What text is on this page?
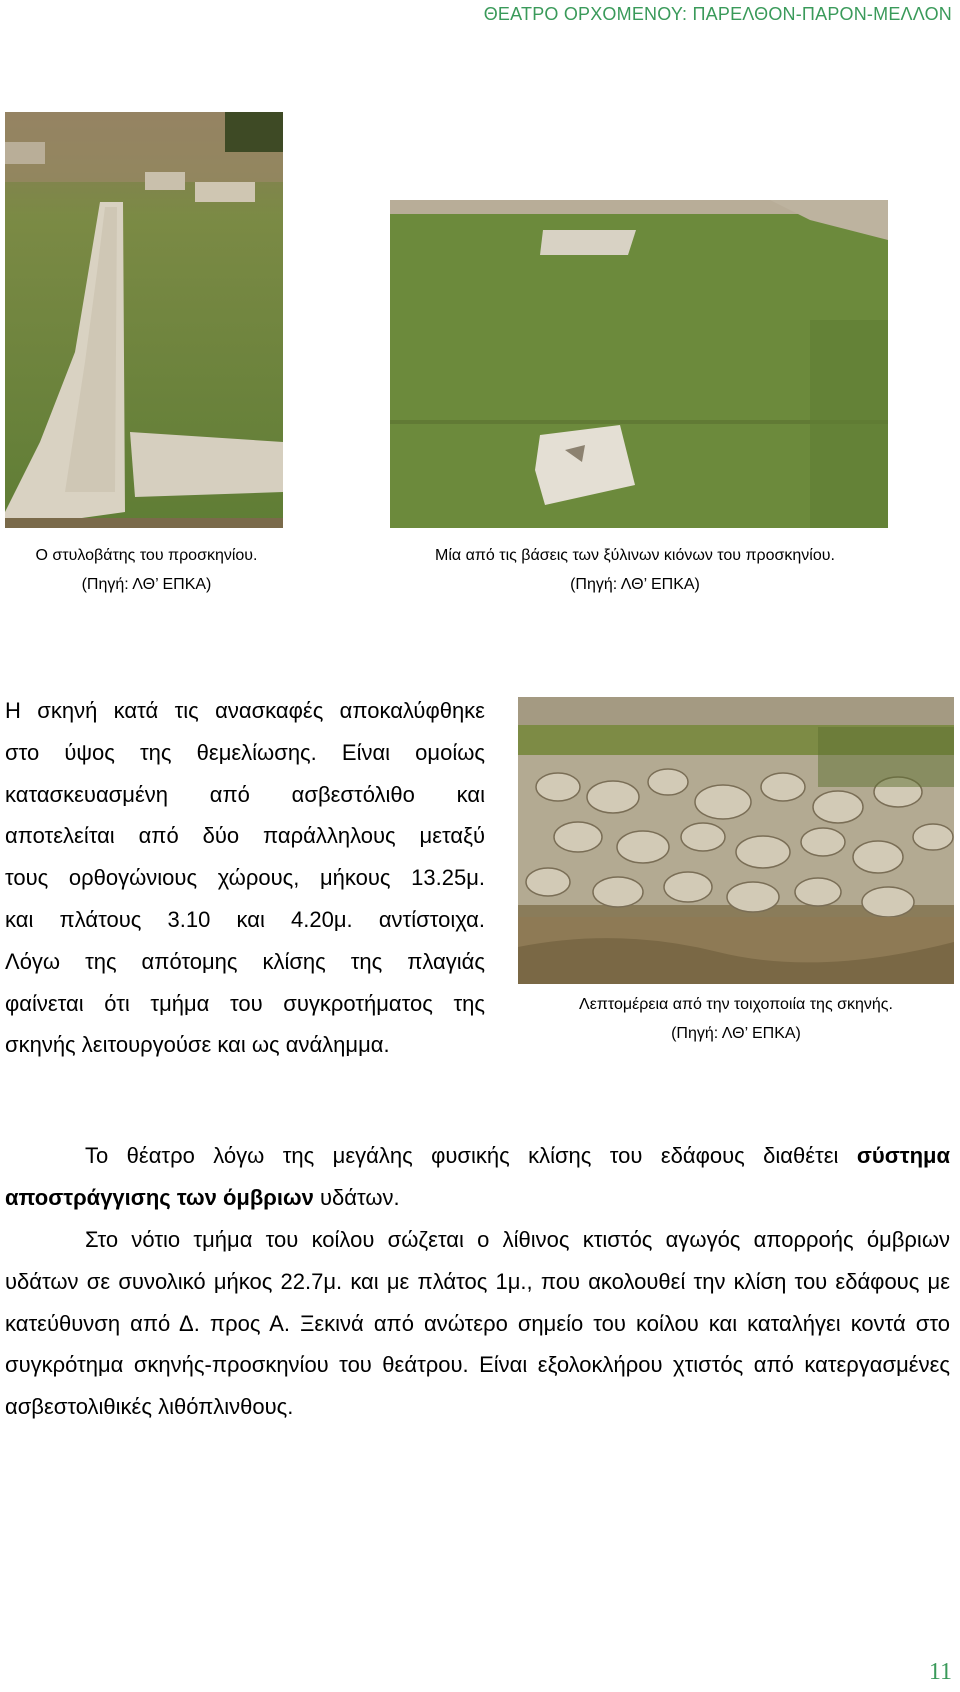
ΘΕΑΤΡΟ ΟΡΧΟΜΕΝΟΥ: ΠΑΡΕΛΘΟΝ-ΠΑΡΟΝ-ΜΕΛΛΟΝ
Ο στυλοβάτης του προσκηνίου.
(Πηγή: ΛΘ’ ΕΠΚΑ)
Μία από τις βάσεις των ξύλινων κιόνων του προσκηνίου.
(Πηγή: ΛΘ’ ΕΠΚΑ)
Η σκηνή κατά τις ανασκαφές αποκαλύφθηκε
στο ύψος της θεμελίωσης. Είναι ομοίως
κατασκευασμένη από ασβεστόλιθο και
αποτελείται από δύο παράλληλους μεταξύ
τους ορθογώνιους χώρους, μήκους 13.25μ.
και πλάτους 3.10 και 4.20μ. αντίστοιχα.
Λόγω της απότομης κλίσης της πλαγιάς
φαίνεται ότι τμήμα του συγκροτήματος της
σκηνής λειτουργούσε και ως ανάλημμα.
Λεπτομέρεια από την τοιχοποιία της σκηνής.
(Πηγή: ΛΘ’ ΕΠΚΑ)

Το θέατρο λόγω της μεγάλης φυσικής κλίσης του εδάφους διαθέτει σύστημα αποστράγγισης των όμβριων υδάτων.

Στο νότιο τμήμα του κοίλου σώζεται ο λίθινος κτιστός αγωγός απορροής όμβριων υδάτων σε συνολικό μήκος 22.7μ. και με πλάτος 1μ., που ακολουθεί την κλίση του εδάφους με κατεύθυνση από Δ. προς Α. Ξεκινά από ανώτερο σημείο του κοίλου και καταλήγει κοντά στο συγκρότημα σκηνής-προσκηνίου του θεάτρου. Είναι εξολοκλήρου χτιστός από κατεργασμένες ασβεστολιθικές λιθόπλινθους.

11
